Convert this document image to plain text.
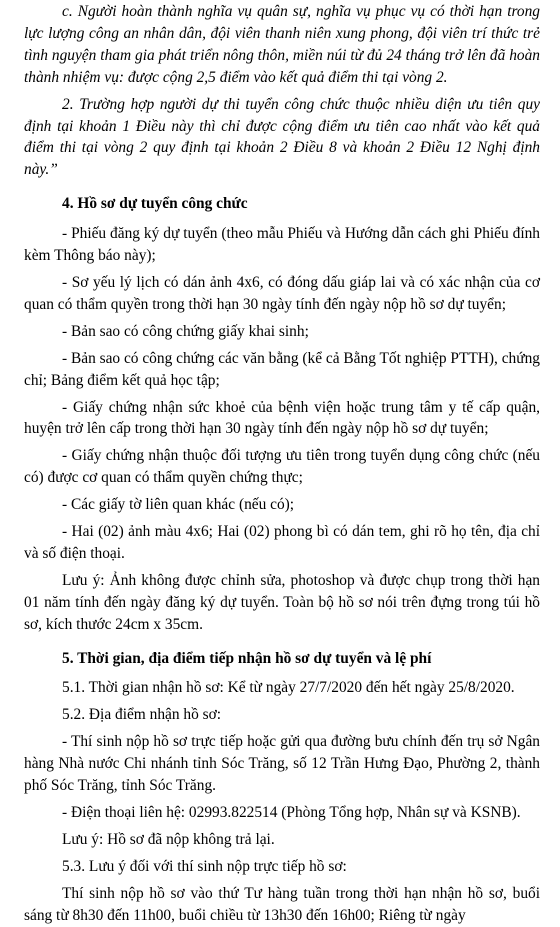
c. Người hoàn thành nghĩa vụ quân sự, nghĩa vụ phục vụ có thời hạn trong lực lượng công an nhân dân, đội viên thanh niên xung phong, đội viên trí thức trẻ tình nguyện tham gia phát triển nông thôn, miền núi từ đủ 24 tháng trở lên đã hoàn thành nhiệm vụ: được cộng 2,5 điểm vào kết quả điểm thi tại vòng 2.

2. Trường hợp người dự thi tuyển công chức thuộc nhiều diện ưu tiên quy định tại khoản 1 Điều này thì chỉ được cộng điểm ưu tiên cao nhất vào kết quả điểm thi tại vòng 2 quy định tại khoản 2 Điều 8 và khoản 2 Điều 12 Nghị định này.”

4. Hồ sơ dự tuyển công chức

- Phiếu đăng ký dự tuyển (theo mẫu Phiếu và Hướng dẫn cách ghi Phiếu đính kèm Thông báo này);

- Sơ yếu lý lịch có dán ảnh 4x6, có đóng dấu giáp lai và có xác nhận của cơ quan có thẩm quyền trong thời hạn 30 ngày tính đến ngày nộp hồ sơ dự tuyển;

- Bản sao có công chứng giấy khai sinh;

- Bản sao có công chứng các văn bằng (kể cả Bằng Tốt nghiệp PTTH), chứng chỉ; Bảng điểm kết quả học tập;

- Giấy chứng nhận sức khoẻ của bệnh viện hoặc trung tâm y tế cấp quận, huyện trở lên cấp trong thời hạn 30 ngày tính đến ngày nộp hồ sơ dự tuyển;

- Giấy chứng nhận thuộc đối tượng ưu tiên trong tuyển dụng công chức (nếu có) được cơ quan có thẩm quyền chứng thực;

- Các giấy tờ liên quan khác (nếu có);

- Hai (02) ảnh màu 4x6; Hai (02) phong bì có dán tem, ghi rõ họ tên, địa chỉ và số điện thoại.

Lưu ý: Ảnh không được chỉnh sửa, photoshop và được chụp trong thời hạn 01 năm tính đến ngày đăng ký dự tuyển. Toàn bộ hồ sơ nói trên đựng trong túi hồ sơ, kích thước 24cm x 35cm.

5. Thời gian, địa điểm tiếp nhận hồ sơ dự tuyển và lệ phí

5.1. Thời gian nhận hồ sơ: Kể từ ngày 27/7/2020 đến hết ngày 25/8/2020.

5.2. Địa điểm nhận hồ sơ:

- Thí sinh nộp hồ sơ trực tiếp hoặc gửi qua đường bưu chính đến trụ sở Ngân hàng Nhà nước Chi nhánh tỉnh Sóc Trăng, số 12 Trần Hưng Đạo, Phường 2, thành phố Sóc Trăng, tỉnh Sóc Trăng.

- Điện thoại liên hệ: 02993.822514 (Phòng Tổng hợp, Nhân sự và KSNB).

Lưu ý: Hồ sơ đã nộp không trả lại.

5.3. Lưu ý đối với thí sinh nộp trực tiếp hồ sơ:

Thí sinh nộp hồ sơ vào thứ Tư hàng tuần trong thời hạn nhận hồ sơ, buổi sáng từ 8h30 đến 11h00, buổi chiều từ 13h30 đến 16h00; Riêng từ ngày
